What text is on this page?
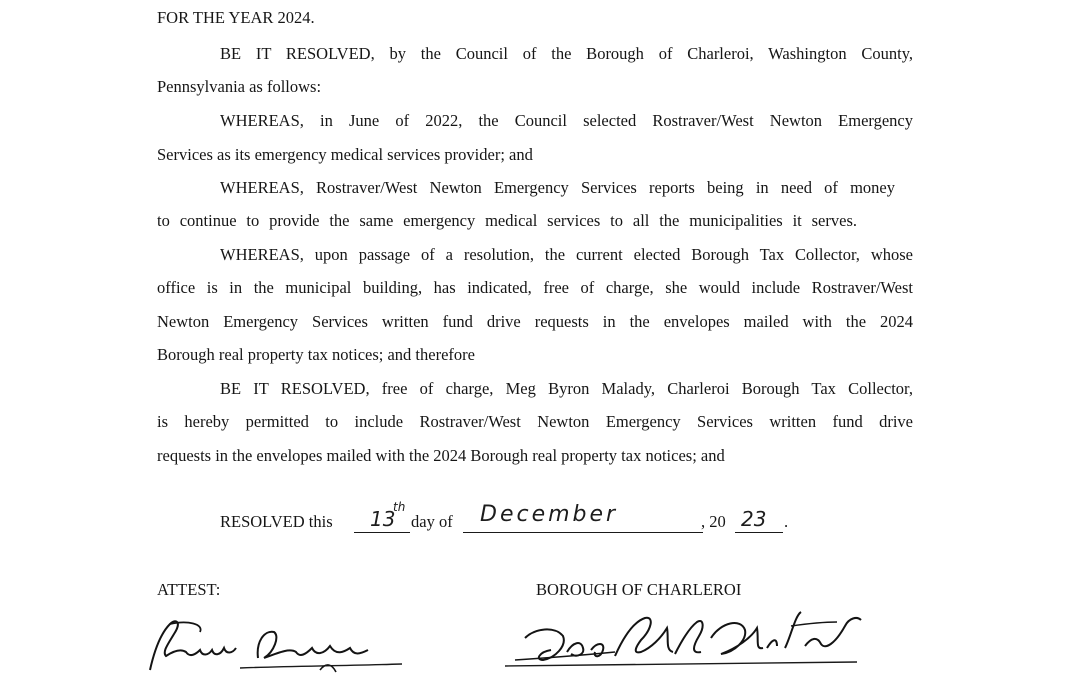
FOR THE YEAR 2024.
BE IT RESOLVED, by the Council of the Borough of Charleroi, Washington County,
Pennsylvania as follows:
WHEREAS, in June of 2022, the Council selected Rostraver/West Newton Emergency
Services as its emergency medical services provider; and
WHEREAS, Rostraver/West Newton Emergency Services reports being in need of money
to continue to provide the same emergency medical services to all the municipalities it serves.
WHEREAS, upon passage of a resolution, the current elected Borough Tax Collector, whose
office is in the municipal building, has indicated, free of charge, she would include Rostraver/West
Newton Emergency Services written fund drive requests in the envelopes mailed with the 2024
Borough real property tax notices; and therefore
BE IT RESOLVED, free of charge, Meg Byron Malady, Charleroi Borough Tax Collector,
is hereby permitted to include Rostraver/West Newton Emergency Services written fund drive
requests in the envelopes mailed with the 2024 Borough real property tax notices; and
RESOLVED this 13
th
day of December	, 20 23 .
ATTEST:	BOROUGH OF CHARLEROI
